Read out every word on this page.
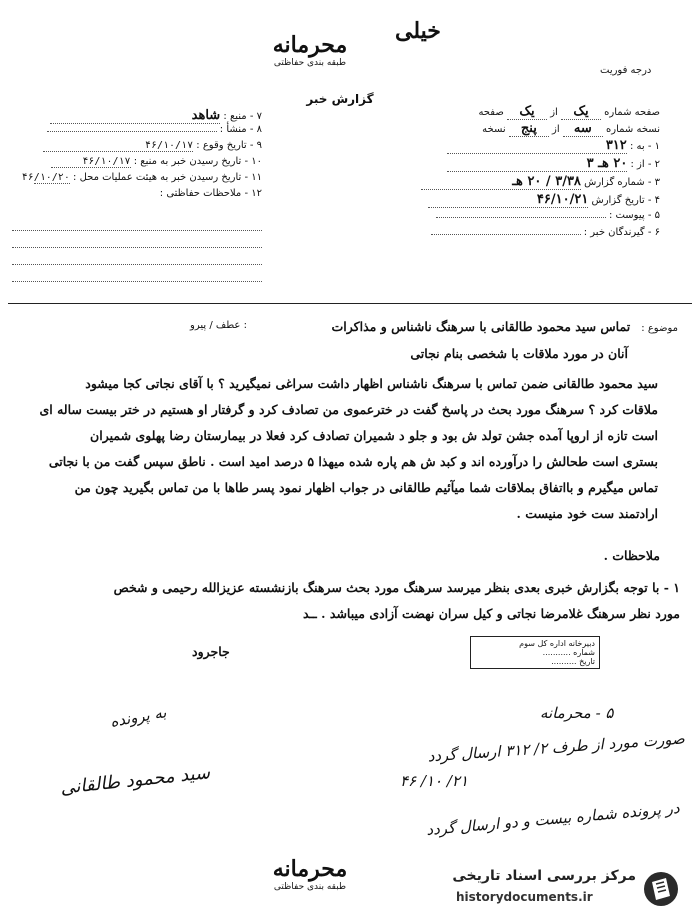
درجه فوریت
محرمانه
طبقه بندی حفاظتی
خیلی
گزارش خبر
صفحه شماره یک از یک صفحه
نسخه شماره سه از پنج نسخه
۱ - به : ۳۱۲
۲ - از : ۲۰ هـ ۳
۳ - شماره گزارش ۳/۳۸ / ۲۰ هـ
۴ - تاریخ گزارش ۴۶/۱۰/۲۱
۵ - پیوست :
۶ - گیرندگان خبر :
۷ - منبع : شاهد
۸ - منشأ :
۹ - تاریخ وقوع : ۴۶/۱۰/۱۷
۱۰ - تاریخ رسیدن خبر به منبع : ۴۶/۱۰/۱۷
۱۱ - تاریخ رسیدن خبر به هیئت عملیات محل : ۴۶/۱۰/۲۰
۱۲ - ملاحظات حفاظتی :
موضوع : تماس سید محمود طالقانی با سرهنگ ناشناس و مذاکرات
عطف / پیرو :
آنان در مورد ملاقات با شخصی بنام نجاتی
سید محمود طالقانی ضمن تماس با سرهنگ ناشناس اظهار داشت سراغی نمیگیرید ؟ با آقای نجاتی کجا میشود
ملاقات کرد ؟ سرهنگ مورد بحث در پاسخ گفت در خترعموی من تصادف کرد و گرفتار او هستیم در ختر بیست ساله ای
است تازه از اروپا آمده جشن تولد ش بود و جلو د شمیران تصادف کرد فعلا در بیمارستان رضا پهلوی شمیران
بستری است طحالش را درآورده اند و کبد ش هم پاره شده میهذا ۵ درصد امید است . ناطق سپس گفت من با نجاتی
تماس میگیرم و بااتفاق بملاقات شما میآئیم طالقانی در جواب اظهار نمود پسر طاها با من تماس بگیرید چون من
ارادتمند ست خود منیست .
ملاحظات .
۱ - با توجه بگزارش خبری بعدی بنظر میرسد سرهنگ مورد بحث سرهنگ بازنشسته عزیزالله رحیمی و شخص
مورد نظر سرهنگ غلامرضا نجاتی و کیل سران نهضت آزادی میباشد . ــد
جاجرود
دبیرخانه اداره کل سوم
شماره ...........
تاریخ ..........
۵ - محرمانه
صورت مورد از طرف ۲/ ۳۱۲ ارسال گردد
۲۱/ ۱۰/ ۴۶
در پرونده شماره بیست و دو ارسال گردد
به پرونده
سید محمود طالقانی
محرمانه
طبقه بندی حفاظتی
مرکز بررسی اسناد تاریخی
historydocuments.ir
